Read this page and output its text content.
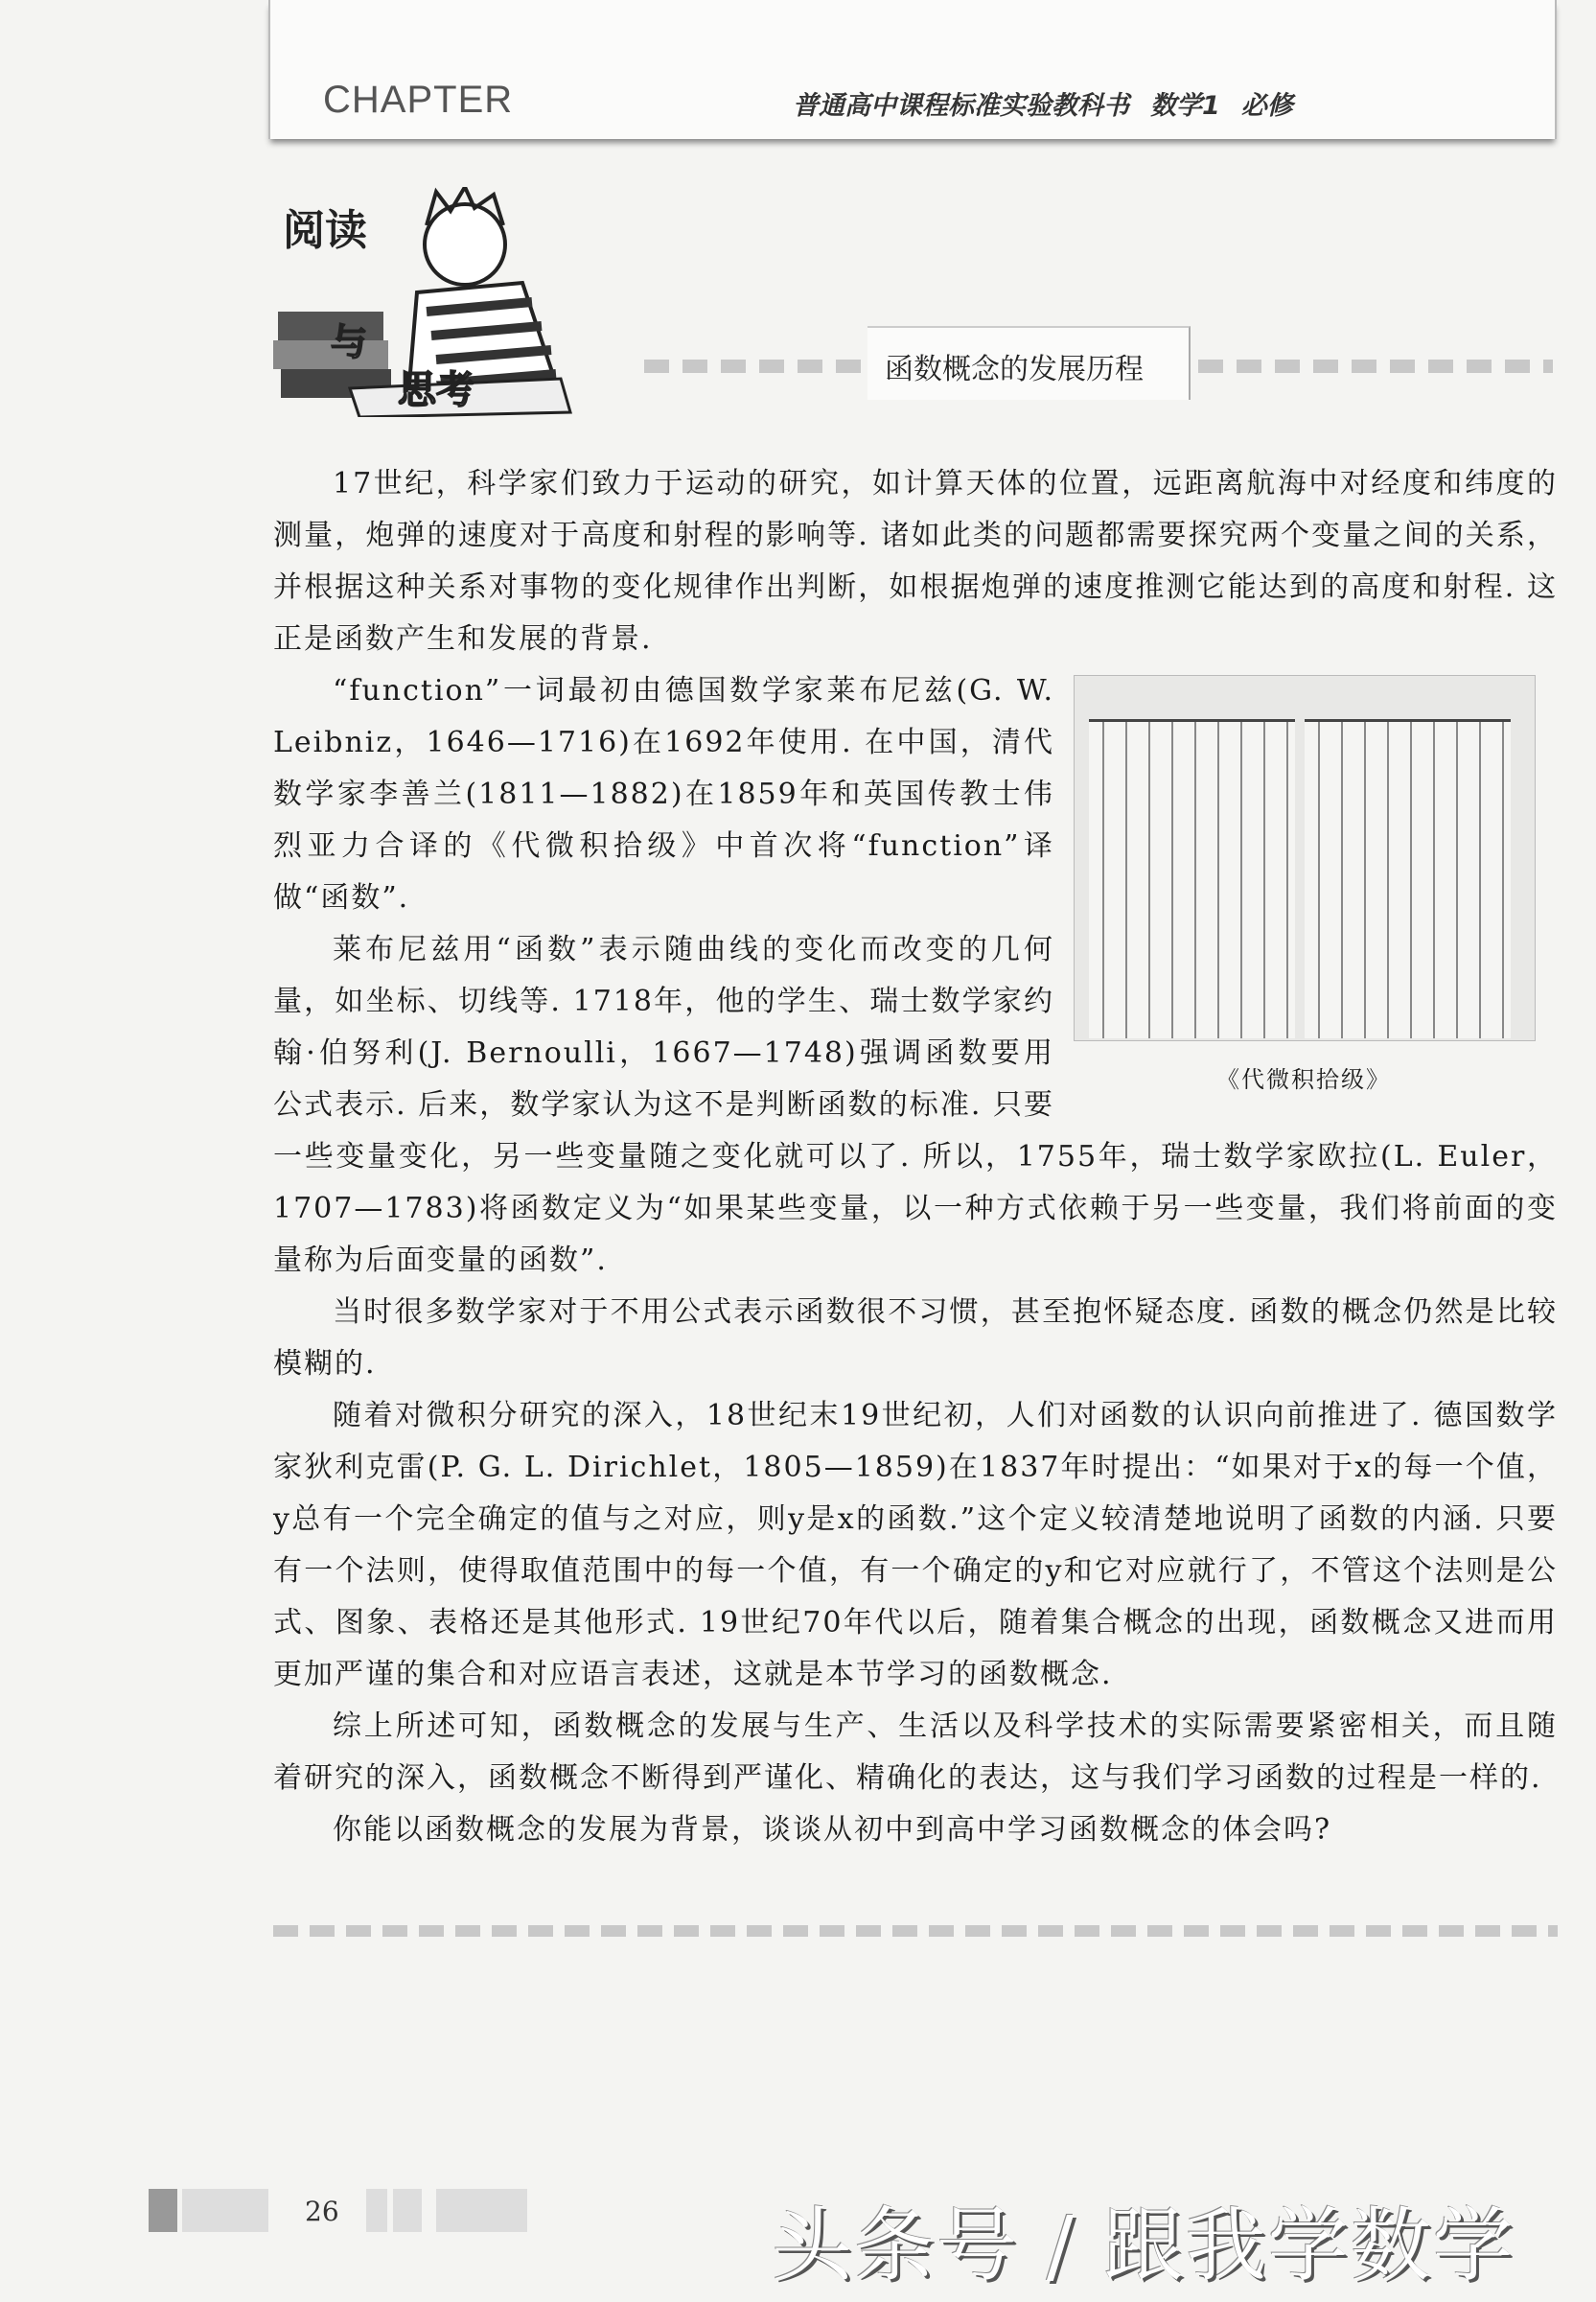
CHAPTER	普通高中课程标准实验教科书 数学1 必修
阅读
与
思考	函数概念的发展历程

17世纪，科学家们致力于运动的研究，如计算天体的位置，远距离航海中对经度和纬度的测量，炮弹的速度对于高度和射程的影响等. 诸如此类的问题都需要探究两个变量之间的关系，并根据这种关系对事物的变化规律作出判断，如根据炮弹的速度推测它能达到的高度和射程. 这正是函数产生和发展的背景.

《代微积拾级》

“function”一词最初由德国数学家莱布尼兹(G. W. Leibniz，1646—1716)在1692年使用. 在中国，清代数学家李善兰(1811—1882)在1859年和英国传教士伟烈亚力合译的《代微积拾级》中首次将“function”译做“函数”.

莱布尼兹用“函数”表示随曲线的变化而改变的几何量，如坐标、切线等. 1718年，他的学生、瑞士数学家约翰·伯努利(J. Bernoulli，1667—1748)强调函数要用公式表示. 后来，数学家认为这不是判断函数的标准. 只要一些变量变化，另一些变量随之变化就可以了. 所以，1755年，瑞士数学家欧拉(L. Euler，1707—1783)将函数定义为“如果某些变量，以一种方式依赖于另一些变量，我们将前面的变量称为后面变量的函数”.

当时很多数学家对于不用公式表示函数很不习惯，甚至抱怀疑态度. 函数的概念仍然是比较模糊的.

随着对微积分研究的深入，18世纪末19世纪初，人们对函数的认识向前推进了. 德国数学家狄利克雷(P. G. L. Dirichlet，1805—1859)在1837年时提出：“如果对于x的每一个值，y总有一个完全确定的值与之对应，则y是x的函数.”这个定义较清楚地说明了函数的内涵. 只要有一个法则，使得取值范围中的每一个值，有一个确定的y和它对应就行了，不管这个法则是公式、图象、表格还是其他形式. 19世纪70年代以后，随着集合概念的出现，函数概念又进而用更加严谨的集合和对应语言表述，这就是本节学习的函数概念.

综上所述可知，函数概念的发展与生产、生活以及科学技术的实际需要紧密相关，而且随着研究的深入，函数概念不断得到严谨化、精确化的表达，这与我们学习函数的过程是一样的.

你能以函数概念的发展为背景，谈谈从初中到高中学习函数概念的体会吗?

26	头条号 / 跟我学数学
